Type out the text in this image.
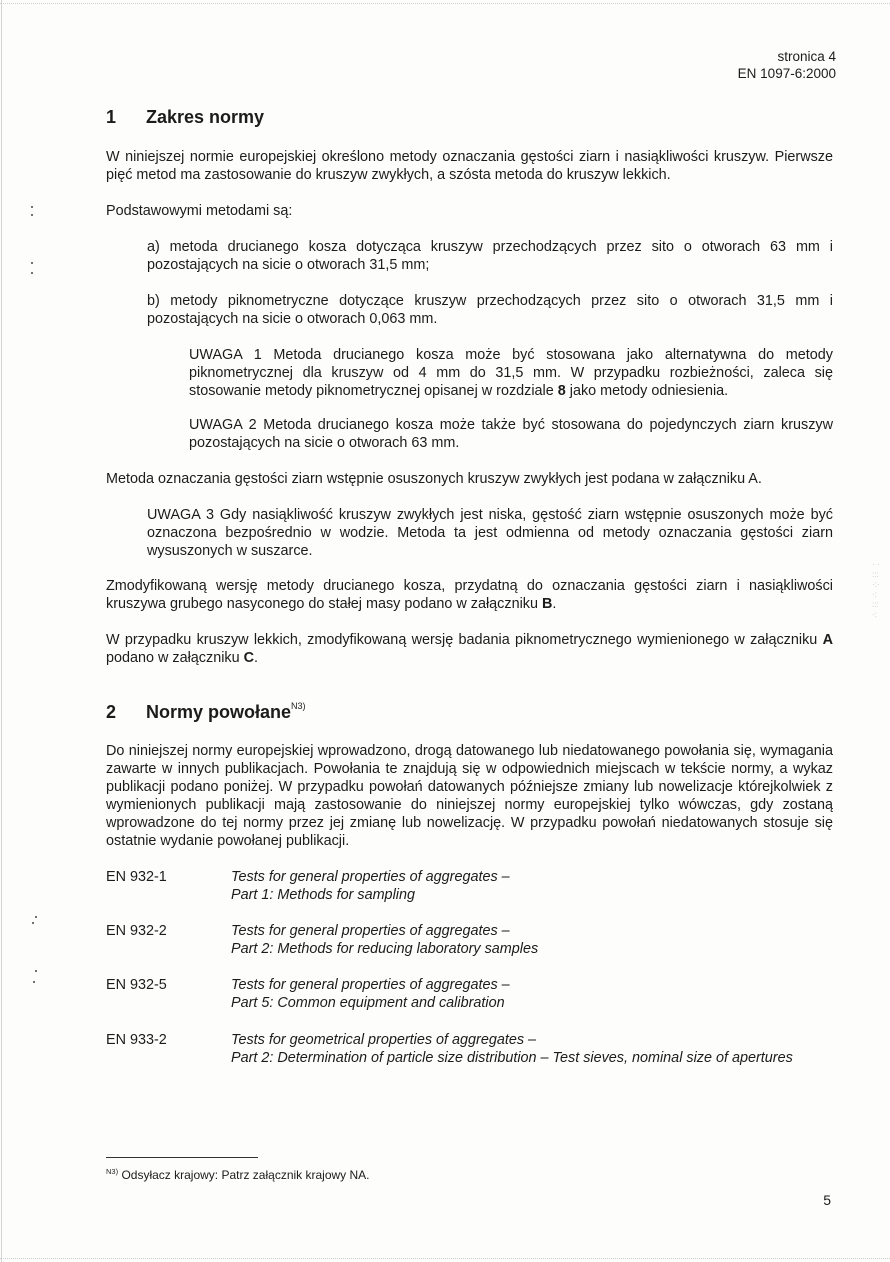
· ·
:::
·:·
·:
:::
·:
stronica 4
EN 1097-6:2000
1 Zakres normy
W niniejszej normie europejskiej określono metody oznaczania gęstości ziarn i nasiąkliwości kruszyw. Pierwsze pięć metod ma zastosowanie do kruszyw zwykłych, a szósta metoda do kruszyw lekkich.
Podstawowymi metodami są:
a) metoda drucianego kosza dotycząca kruszyw przechodzących przez sito o otworach 63 mm i pozostających na sicie o otworach 31,5 mm;
b) metody piknometryczne dotyczące kruszyw przechodzących przez sito o otworach 31,5 mm i pozostających na sicie o otworach 0,063 mm.
UWAGA 1 Metoda drucianego kosza może być stosowana jako alternatywna do metody piknometrycznej dla kruszyw od 4 mm do 31,5 mm. W przypadku rozbieżności, zaleca się stosowanie metody piknometrycznej opisanej w rozdziale 8 jako metody odniesienia.
UWAGA 2 Metoda drucianego kosza może także być stosowana do pojedynczych ziarn kruszyw pozostających na sicie o otworach 63 mm.
Metoda oznaczania gęstości ziarn wstępnie osuszonych kruszyw zwykłych jest podana w załączniku A.
UWAGA 3 Gdy nasiąkliwość kruszyw zwykłych jest niska, gęstość ziarn wstępnie osuszonych może być oznaczona bezpośrednio w wodzie. Metoda ta jest odmienna od metody oznaczania gęstości ziarn wysuszonych w suszarce.
Zmodyfikowaną wersję metody drucianego kosza, przydatną do oznaczania gęstości ziarn i nasiąkliwości kruszywa grubego nasyconego do stałej masy podano w załączniku B.
W przypadku kruszyw lekkich, zmodyfikowaną wersję badania piknometrycznego wymienionego w załączniku A podano w załączniku C.
2 Normy powołane$^{N3)}$
Do niniejszej normy europejskiej wprowadzono, drogą datowanego lub niedatowanego powołania się, wymagania zawarte w innych publikacjach. Powołania te znajdują się w odpowiednich miejscach w tekście normy, a wykaz publikacji podano poniżej. W przypadku powołań datowanych późniejsze zmiany lub nowelizacje którejkolwiek z wymienionych publikacji mają zastosowanie do niniejszej normy europejskiej tylko wówczas, gdy zostaną wprowadzone do tej normy przez jej zmianę lub nowelizację. W przypadku powołań niedatowanych stosuje się ostatnie wydanie powołanej publikacji.
EN 932-1	Tests for general properties of aggregates –
Part 1: Methods for sampling
EN 932-2	Tests for general properties of aggregates –
Part 2: Methods for reducing laboratory samples
EN 932-5	Tests for general properties of aggregates –
Part 5: Common equipment and calibration
EN 933-2	Tests for geometrical properties of aggregates –
Part 2: Determination of particle size distribution – Test sieves, nominal size of apertures
$^{N3)}$ Odsyłacz krajowy: Patrz załącznik krajowy NA.
5
